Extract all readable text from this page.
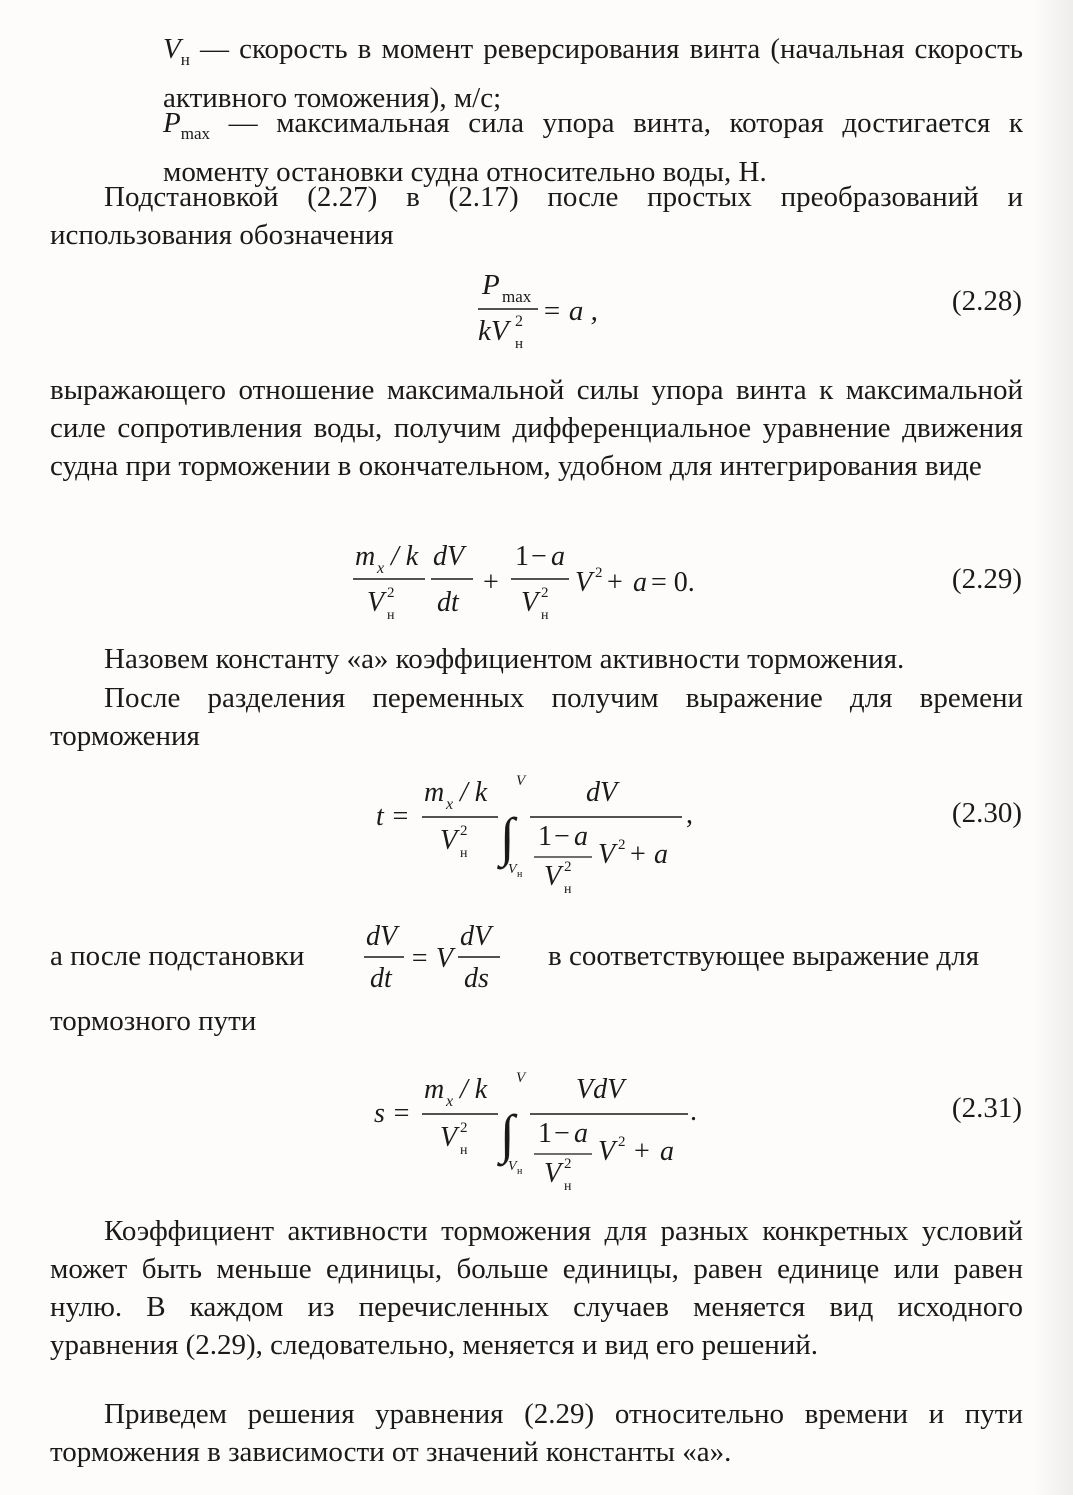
$V_н$ — скорость в момент реверсирования винта (начальная скорость активного томожения), м/с;
$P_{max}$ — максимальная сила упора винта, которая достигается к моменту остановки судна относительно воды, Н.
Подстановкой (2.27) в (2.17) после простых преобразований и использования обозначения
P max
kV 2
н
= a ,	(2.28)
выражающего отношение максимальной силы упора винта к максимальной силе сопротивления воды, получим дифференциальное уравнение движения судна при торможении в окончательном, удобном для интегрирования виде
m x / k
V 2
н
dV
dt
+
1 − a
V 2
н
V 2 + a = 0.	(2.29)
Назовем константу «a» коэффициентом активности торможения.
После разделения переменных получим выражение для времени торможения
t =
m x / k
V 2
н ∫
V
V н
dV
1 − a
V 2
н
V 2 + a
,	(2.30)
а после подстановки
dV
dt
= V
dV
ds
в соответствующее выражение для
тормозного пути
s =
m x / k
V 2
н ∫
V
V н
VdV
1 − a
V 2
н
V 2 + a
.	(2.31)
Коэффициент активности торможения для разных конкретных условий может быть меньше единицы, больше единицы, равен единице или равен нулю. В каждом из перечисленных случаев меняется вид исходного уравнения (2.29), следовательно, меняется и вид его решений.
Приведем решения уравнения (2.29) относительно времени и пути торможения в зависимости от значений константы «a».
